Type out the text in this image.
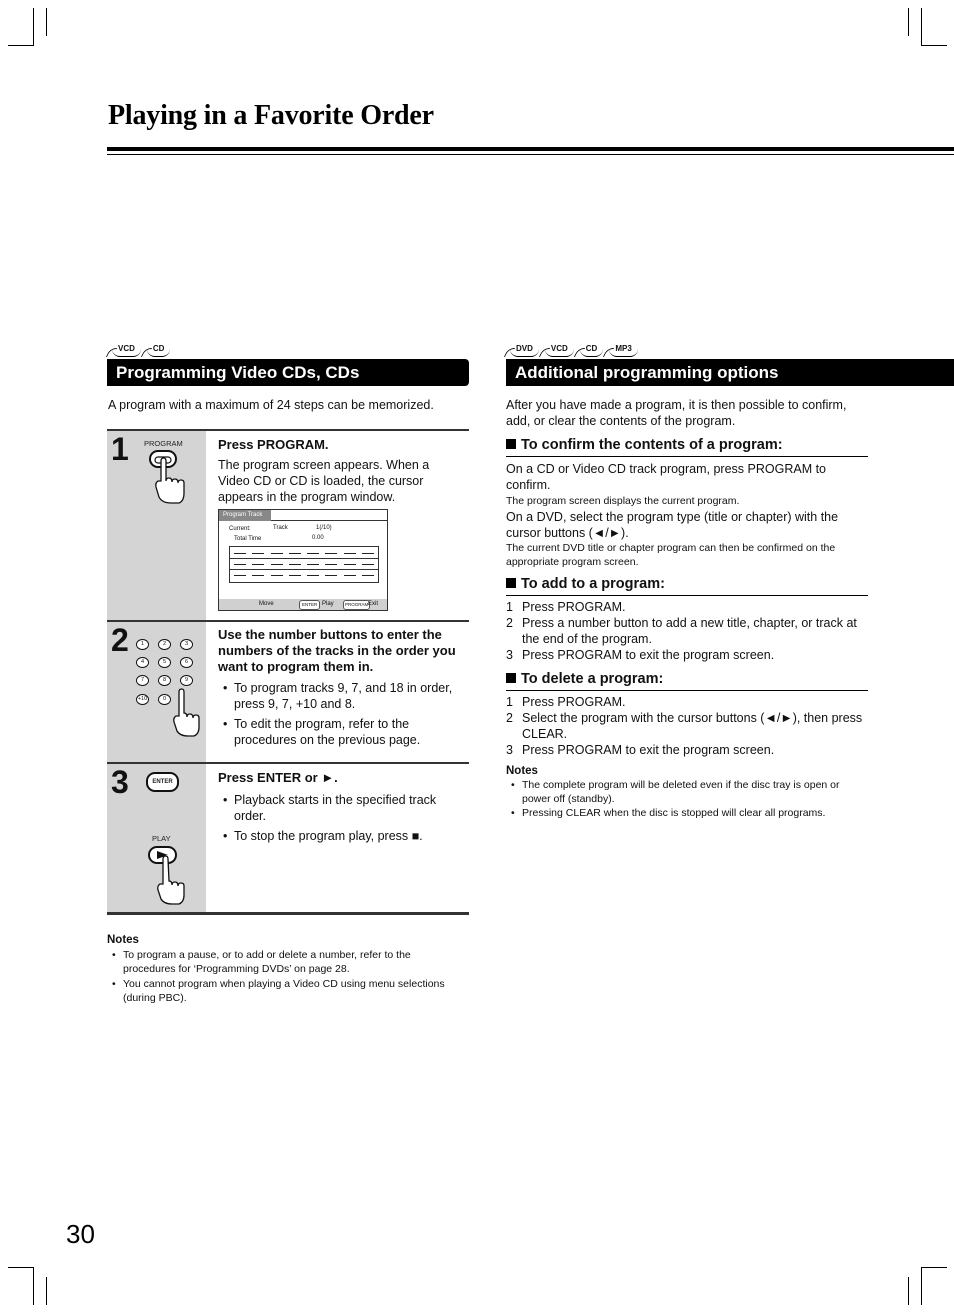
Playing in a Favorite Order
VCD	CD
Programming Video CDs, CDs
A program with a maximum of 24 steps can be memorized.
1 PROGRAM	Press PROGRAM.
The program screen appears. When a Video CD or CD is loaded, the cursor appears in the program window.
Program Track
Current:	Track	1(/10)
Total Time	0.00
Move	ENTER Play	PROGRAM Exit
2	1	2	3
4	5	6
7	8	9
+10	0
Use the number buttons to enter the numbers of the tracks in the order you want to program them in.
• To program tracks 9, 7, and 18 in order, press 9, 7, +10 and 8.
• To edit the program, refer to the procedures on the previous page.
3	ENTER
PLAY
Press ENTER or ►.
• Playback starts in the specified track order.
• To stop the program play, press ■.
Notes
• To program a pause, or to add or delete a number, refer to the procedures for ‘Programming DVDs’ on page 28.
• You cannot program when playing a Video CD using menu selections (during PBC).
DVD	VCD	CD	MP3
Additional programming options
After you have made a program, it is then possible to confirm, add, or clear the contents of the program.
To confirm the contents of a program:
On a CD or Video CD track program, press PROGRAM to confirm.
The program screen displays the current program.
On a DVD, select the program type (title or chapter) with the cursor buttons (◄/►).
The current DVD title or chapter program can then be confirmed on the appropriate program screen.
To add to a program:
1 Press PROGRAM.
2 Press a number button to add a new title, chapter, or track at the end of the program.
3 Press PROGRAM to exit the program screen.
To delete a program:
1 Press PROGRAM.
2 Select the program with the cursor buttons (◄/►), then press CLEAR.
3 Press PROGRAM to exit the program screen.
Notes
• The complete program will be deleted even if the disc tray is open or power off (standby).
• Pressing CLEAR when the disc is stopped will clear all programs.
30
